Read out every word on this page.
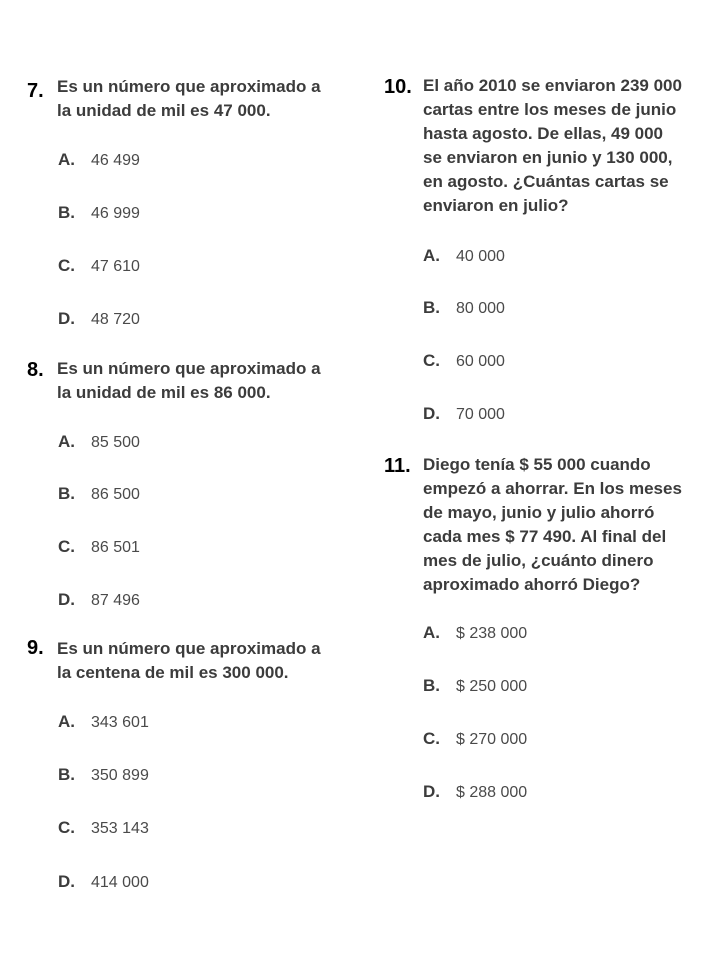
7. Es un número que aproximado a
la unidad de mil es 47 000.
A. 46 499
B. 46 999
C. 47 610
D. 48 720
8. Es un número que aproximado a
la unidad de mil es 86 000.
A. 85 500
B. 86 500
C. 86 501
D. 87 496
9. Es un número que aproximado a
la centena de mil es 300 000.
A. 343 601
B. 350 899
C. 353 143
D. 414 000
10. El año 2010 se enviaron 239 000
cartas entre los meses de junio
hasta agosto. De ellas, 49 000
se enviaron en junio y 130 000,
en agosto. ¿Cuántas cartas se
enviaron en julio?
A. 40 000
B. 80 000
C. 60 000
D. 70 000
11. Diego tenía $ 55 000 cuando
empezó a ahorrar. En los meses
de mayo, junio y julio ahorró
cada mes $ 77 490. Al final del
mes de julio, ¿cuánto dinero
aproximado ahorró Diego?
A. $ 238 000
B. $ 250 000
C. $ 270 000
D. $ 288 000
